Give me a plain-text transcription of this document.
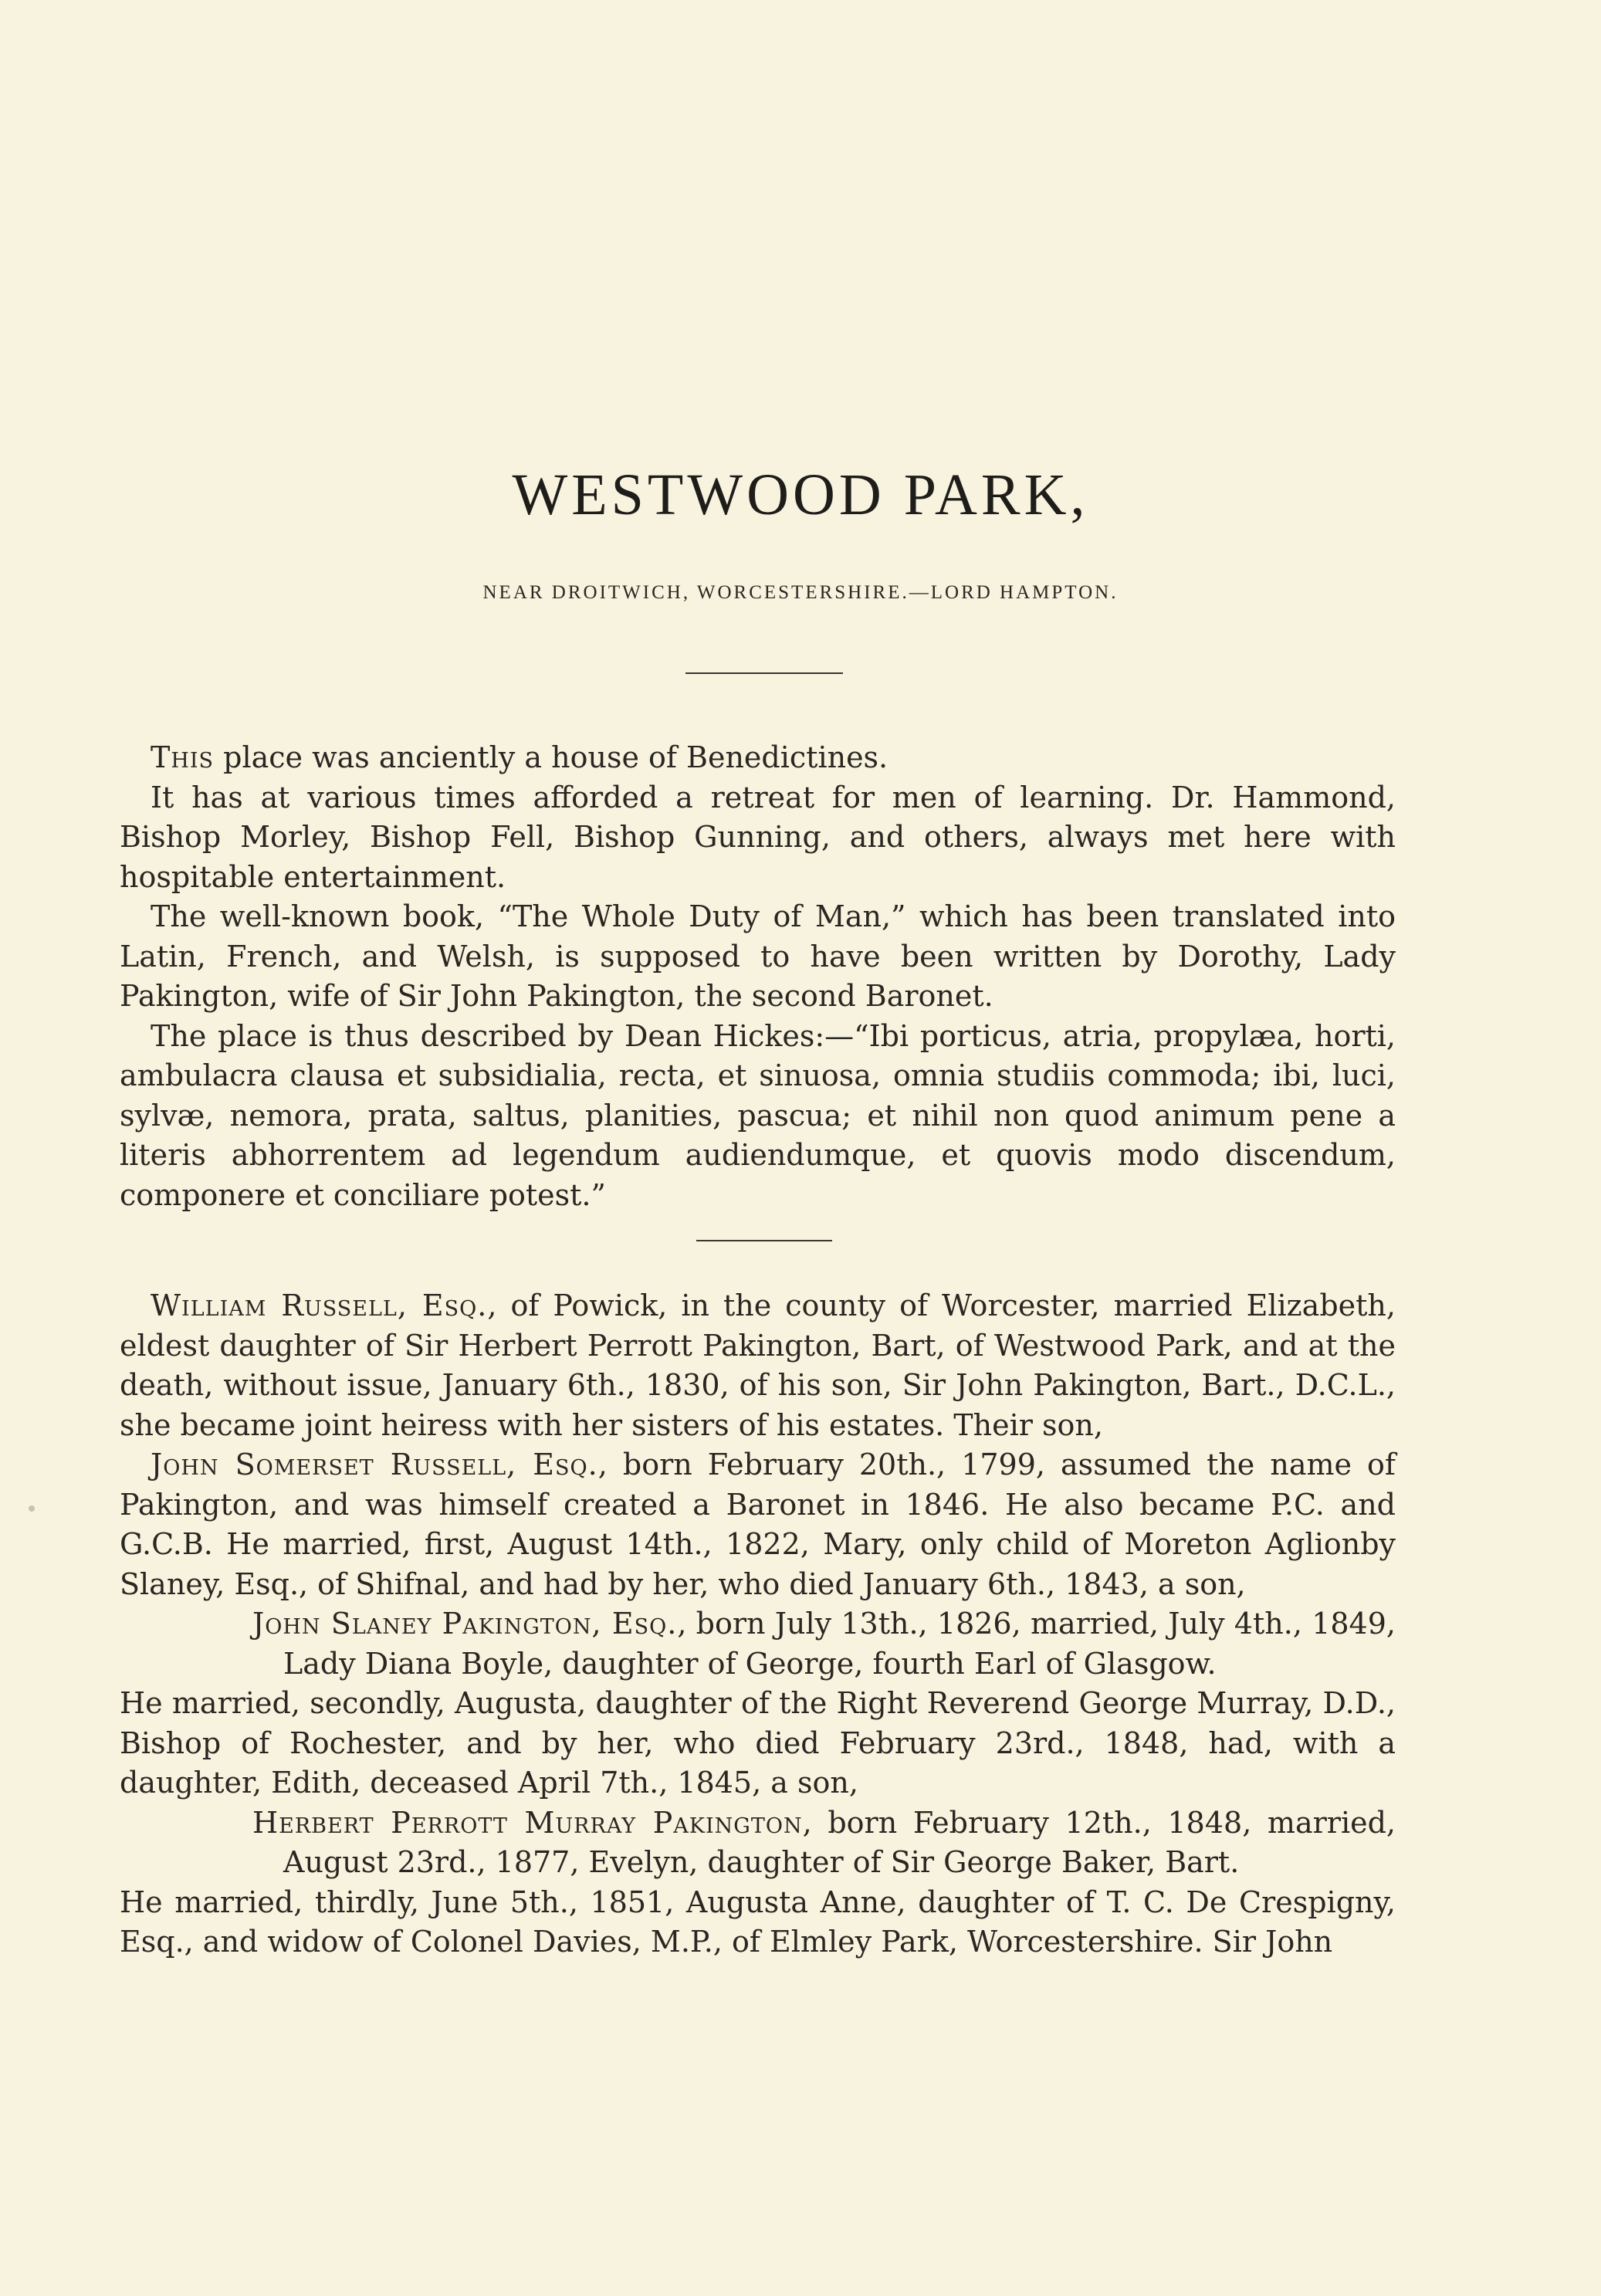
WESTWOOD PARK,
NEAR DROITWICH, WORCESTERSHIRE.—LORD HAMPTON.

This place was anciently a house of Benedictines.

It has at various times afforded a retreat for men of learning. Dr. Hammond, Bishop Morley, Bishop Fell, Bishop Gunning, and others, always met here with hospitable entertainment.

The well-known book, “The Whole Duty of Man,” which has been translated into Latin, French, and Welsh, is supposed to have been written by Dorothy, Lady Pakington, wife of Sir John Pakington, the second Baronet.

The place is thus described by Dean Hickes:—“Ibi porticus, atria, propylæa, horti, ambulacra clausa et subsidialia, recta, et sinuosa, omnia studiis commoda; ibi, luci, sylvæ, nemora, prata, saltus, planities, pascua; et nihil non quod animum pene a literis abhorrentem ad legendum audiendumque, et quovis modo discendum, componere et conciliare potest.”

William Russell, Esq., of Powick, in the county of Worcester, married Elizabeth, eldest daughter of Sir Herbert Perrott Pakington, Bart, of Westwood Park, and at the death, without issue, January 6th., 1830, of his son, Sir John Pakington, Bart., D.C.L., she became joint heiress with her sisters of his estates. Their son,

John Somerset Russell, Esq., born February 20th., 1799, assumed the name of Pakington, and was himself created a Baronet in 1846. He also became P.C. and G.C.B. He married, first, August 14th., 1822, Mary, only child of Moreton Aglionby Slaney, Esq., of Shifnal, and had by her, who died January 6th., 1843, a son,

John Slaney Pakington, Esq., born July 13th., 1826, married, July 4th., 1849, Lady Diana Boyle, daughter of George, fourth Earl of Glasgow.

He married, secondly, Augusta, daughter of the Right Reverend George Murray, D.D., Bishop of Rochester, and by her, who died February 23rd., 1848, had, with a daughter, Edith, deceased April 7th., 1845, a son,

Herbert Perrott Murray Pakington, born February 12th., 1848, married, August 23rd., 1877, Evelyn, daughter of Sir George Baker, Bart.

He married, thirdly, June 5th., 1851, Augusta Anne, daughter of T. C. De Crespigny, Esq., and widow of Colonel Davies, M.P., of Elmley Park, Worcestershire. Sir John
